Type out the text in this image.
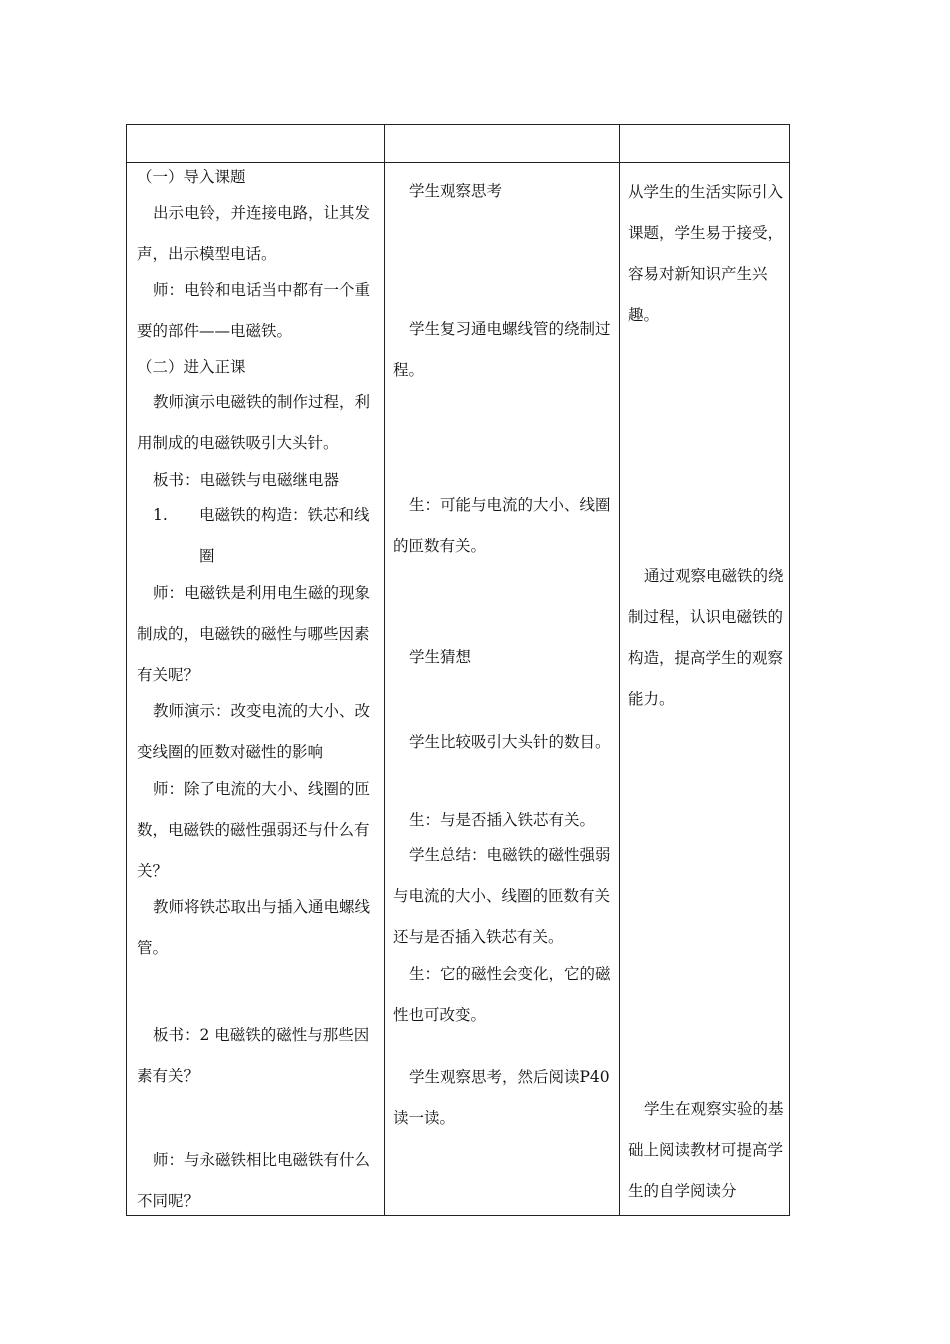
（一）导入课题

出示电铃，并连接电路，让其发声，出示模型电话。

师：电铃和电话当中都有一个重要的部件——电磁铁。

（二）进入正课

教师演示电磁铁的制作过程，利用制成的电磁铁吸引大头针。

板书：电磁铁与电磁继电器

1.	电磁铁的构造：铁芯和线圈

师：电磁铁是利用电生磁的现象制成的，电磁铁的磁性与哪些因素有关呢？

教师演示：改变电流的大小、改变线圈的匝数对磁性的影响

师：除了电流的大小、线圈的匝数，电磁铁的磁性强弱还与什么有关？

教师将铁芯取出与插入通电螺线管。

板书：2 电磁铁的磁性与那些因素有关？

师：与永磁铁相比电磁铁有什么不同呢？

学生观察思考

学生复习通电螺线管的绕制过程。

生：可能与电流的大小、线圈的匝数有关。

学生猜想

学生比较吸引大头针的数目。

生：与是否插入铁芯有关。

学生总结：电磁铁的磁性强弱与电流的大小、线圈的匝数有关还与是否插入铁芯有关。

生：它的磁性会变化，它的磁性也可改变。

学生观察思考，然后阅读P40 读一读。

从学生的生活实际引入课题，学生易于接受，容易对新知识产生兴趣。

通过观察电磁铁的绕制过程，认识电磁铁的构造，提高学生的观察能力。

学生在观察实验的基础上阅读教材可提高学生的自学阅读分
